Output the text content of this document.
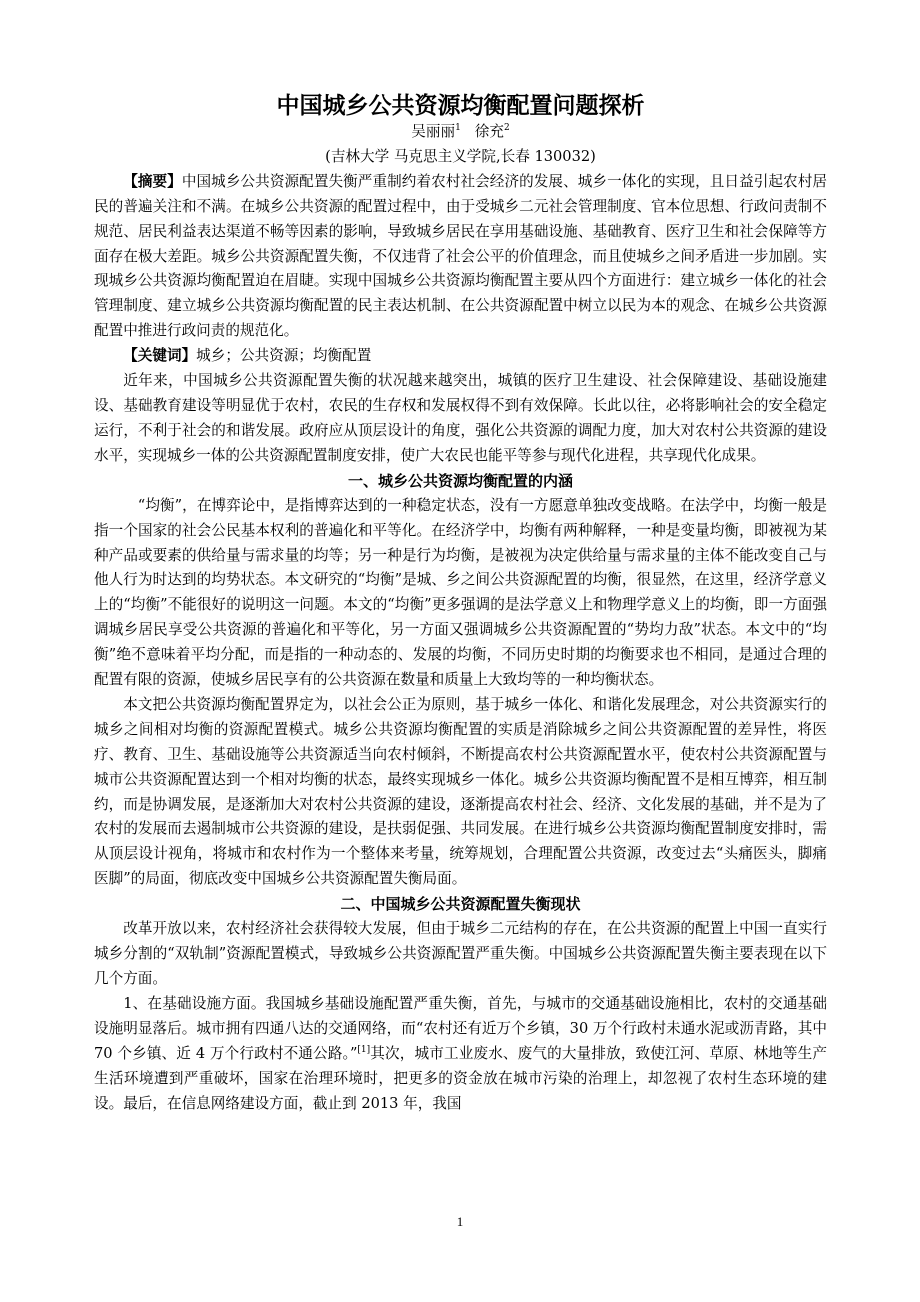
中国城乡公共资源均衡配置问题探析

吴丽丽$^1$ 徐充$^2$

(吉林大学 马克思主义学院,长春 130032)

【摘要】中国城乡公共资源配置失衡严重制约着农村社会经济的发展、城乡一体化的实现，且日益引起农村居民的普遍关注和不满。在城乡公共资源的配置过程中，由于受城乡二元社会管理制度、官本位思想、行政问责制不规范、居民利益表达渠道不畅等因素的影响，导致城乡居民在享用基础设施、基础教育、医疗卫生和社会保障等方面存在极大差距。城乡公共资源配置失衡，不仅违背了社会公平的价值理念，而且使城乡之间矛盾进一步加剧。实现城乡公共资源均衡配置迫在眉睫。实现中国城乡公共资源均衡配置主要从四个方面进行：建立城乡一体化的社会管理制度、建立城乡公共资源均衡配置的民主表达机制、在公共资源配置中树立以民为本的观念、在城乡公共资源配置中推进行政问责的规范化。

【关键词】城乡；公共资源；均衡配置

近年来，中国城乡公共资源配置失衡的状况越来越突出，城镇的医疗卫生建设、社会保障建设、基础设施建设、基础教育建设等明显优于农村，农民的生存权和发展权得不到有效保障。长此以往，必将影响社会的安全稳定运行，不利于社会的和谐发展。政府应从顶层设计的角度，强化公共资源的调配力度，加大对农村公共资源的建设水平，实现城乡一体的公共资源配置制度安排，使广大农民也能平等参与现代化进程，共享现代化成果。

一、城乡公共资源均衡配置的内涵

“均衡”，在博弈论中，是指博弈达到的一种稳定状态，没有一方愿意单独改变战略。在法学中，均衡一般是指一个国家的社会公民基本权利的普遍化和平等化。在经济学中，均衡有两种解释，一种是变量均衡，即被视为某种产品或要素的供给量与需求量的均等；另一种是行为均衡，是被视为决定供给量与需求量的主体不能改变自己与他人行为时达到的均势状态。本文研究的“均衡”是城、乡之间公共资源配置的均衡，很显然，在这里，经济学意义上的“均衡”不能很好的说明这一问题。本文的“均衡”更多强调的是法学意义上和物理学意义上的均衡，即一方面强调城乡居民享受公共资源的普遍化和平等化，另一方面又强调城乡公共资源配置的“势均力敌”状态。本文中的“均衡”绝不意味着平均分配，而是指的一种动态的、发展的均衡，不同历史时期的均衡要求也不相同，是通过合理的配置有限的资源，使城乡居民享有的公共资源在数量和质量上大致均等的一种均衡状态。

本文把公共资源均衡配置界定为，以社会公正为原则，基于城乡一体化、和谐化发展理念，对公共资源实行的城乡之间相对均衡的资源配置模式。城乡公共资源均衡配置的实质是消除城乡之间公共资源配置的差异性，将医疗、教育、卫生、基础设施等公共资源适当向农村倾斜，不断提高农村公共资源配置水平，使农村公共资源配置与城市公共资源配置达到一个相对均衡的状态，最终实现城乡一体化。城乡公共资源均衡配置不是相互博弈，相互制约，而是协调发展，是逐渐加大对农村公共资源的建设，逐渐提高农村社会、经济、文化发展的基础，并不是为了农村的发展而去遏制城市公共资源的建设，是扶弱促强、共同发展。在进行城乡公共资源均衡配置制度安排时，需从顶层设计视角，将城市和农村作为一个整体来考量，统筹规划，合理配置公共资源，改变过去“头痛医头，脚痛医脚”的局面，彻底改变中国城乡公共资源配置失衡局面。

二、中国城乡公共资源配置失衡现状

改革开放以来，农村经济社会获得较大发展，但由于城乡二元结构的存在，在公共资源的配置上中国一直实行城乡分割的“双轨制”资源配置模式，导致城乡公共资源配置严重失衡。中国城乡公共资源配置失衡主要表现在以下几个方面。

1、在基础设施方面。我国城乡基础设施配置严重失衡，首先，与城市的交通基础设施相比，农村的交通基础设施明显落后。城市拥有四通八达的交通网络，而“农村还有近万个乡镇，30 万个行政村未通水泥或沥青路，其中 70 个乡镇、近 4 万个行政村不通公路。”[1]其次，城市工业废水、废气的大量排放，致使江河、草原、林地等生产生活环境遭到严重破坏，国家在治理环境时，把更多的资金放在城市污染的治理上，却忽视了农村生态环境的建设。最后，在信息网络建设方面，截止到 2013 年，我国

1
